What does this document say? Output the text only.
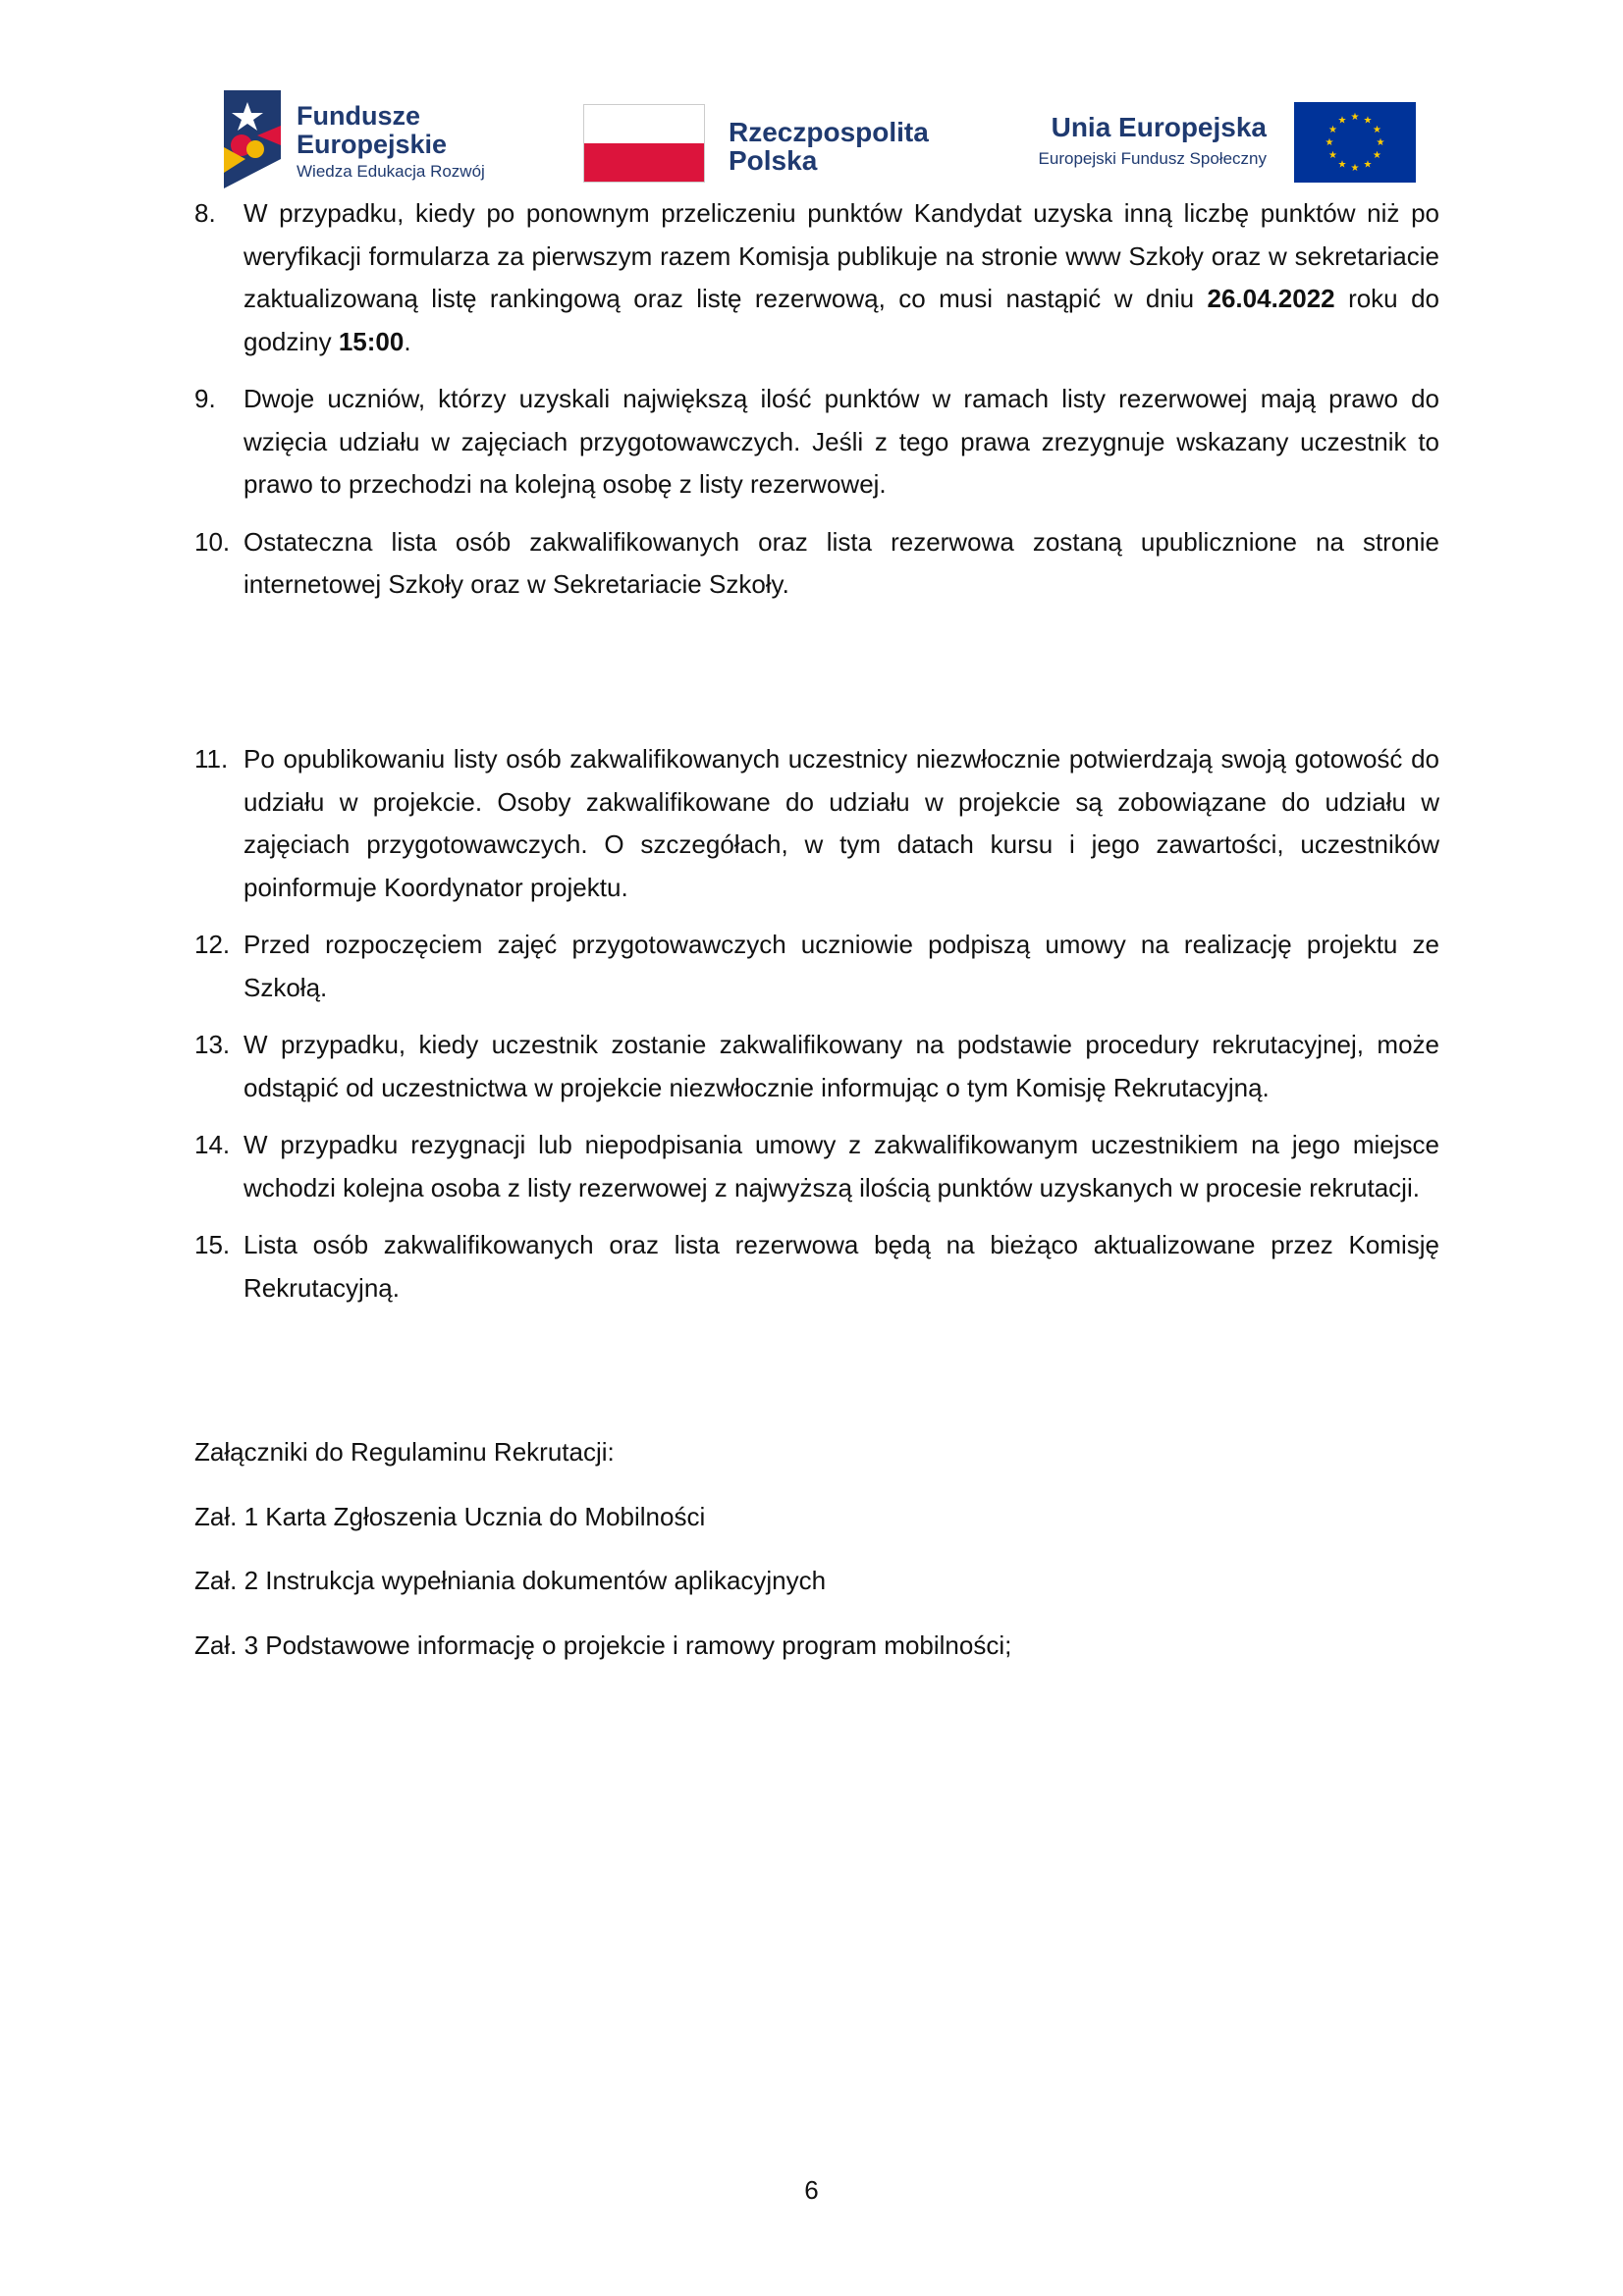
Fundusze
Europejskie
Wiedza Edukacja Rozwój
Rzeczpospolita
Polska
Unia Europejska
Europejski Fundusz Społeczny
★ ★
★
★
★
★
★
★
★
★
★
★
8.	W przypadku, kiedy po ponownym przeliczeniu punktów Kandydat uzyska inną liczbę punktów niż po weryfikacji formularza za pierwszym razem Komisja publikuje na stronie www Szkoły oraz w sekretariacie zaktualizowaną listę rankingową oraz listę rezerwową, co musi nastąpić w dniu 26.04.2022 roku do godziny 15:00.
9.	Dwoje uczniów, którzy uzyskali największą ilość punktów w ramach listy rezerwowej mają prawo do wzięcia udziału w zajęciach przygotowawczych. Jeśli z tego prawa zrezygnuje wskazany uczestnik to prawo to przechodzi na kolejną osobę z listy rezerwowej.
10. Ostateczna lista osób zakwalifikowanych oraz lista rezerwowa zostaną upublicznione na stronie internetowej Szkoły oraz w Sekretariacie Szkoły.
11. Po opublikowaniu listy osób zakwalifikowanych uczestnicy niezwłocznie potwierdzają swoją gotowość do udziału w projekcie. Osoby zakwalifikowane do udziału w projekcie są zobowiązane do udziału w zajęciach przygotowawczych. O szczegółach, w tym datach kursu i jego zawartości, uczestników poinformuje Koordynator projektu.
12. Przed rozpoczęciem zajęć przygotowawczych uczniowie podpiszą umowy na realizację projektu ze Szkołą.
13. W przypadku, kiedy uczestnik zostanie zakwalifikowany na podstawie procedury rekrutacyjnej, może odstąpić od uczestnictwa w projekcie niezwłocznie informując o tym Komisję Rekrutacyjną.
14. W przypadku rezygnacji lub niepodpisania umowy z zakwalifikowanym uczestnikiem na jego miejsce wchodzi kolejna osoba z listy rezerwowej z najwyższą ilością punktów uzyskanych w procesie rekrutacji.
15. Lista osób zakwalifikowanych oraz lista rezerwowa będą na bieżąco aktualizowane przez Komisję Rekrutacyjną.

Załączniki do Regulaminu Rekrutacji:

Zał. 1 Karta Zgłoszenia Ucznia do Mobilności

Zał. 2 Instrukcja wypełniania dokumentów aplikacyjnych

Zał. 3 Podstawowe informację o projekcie i ramowy program mobilności;

6
